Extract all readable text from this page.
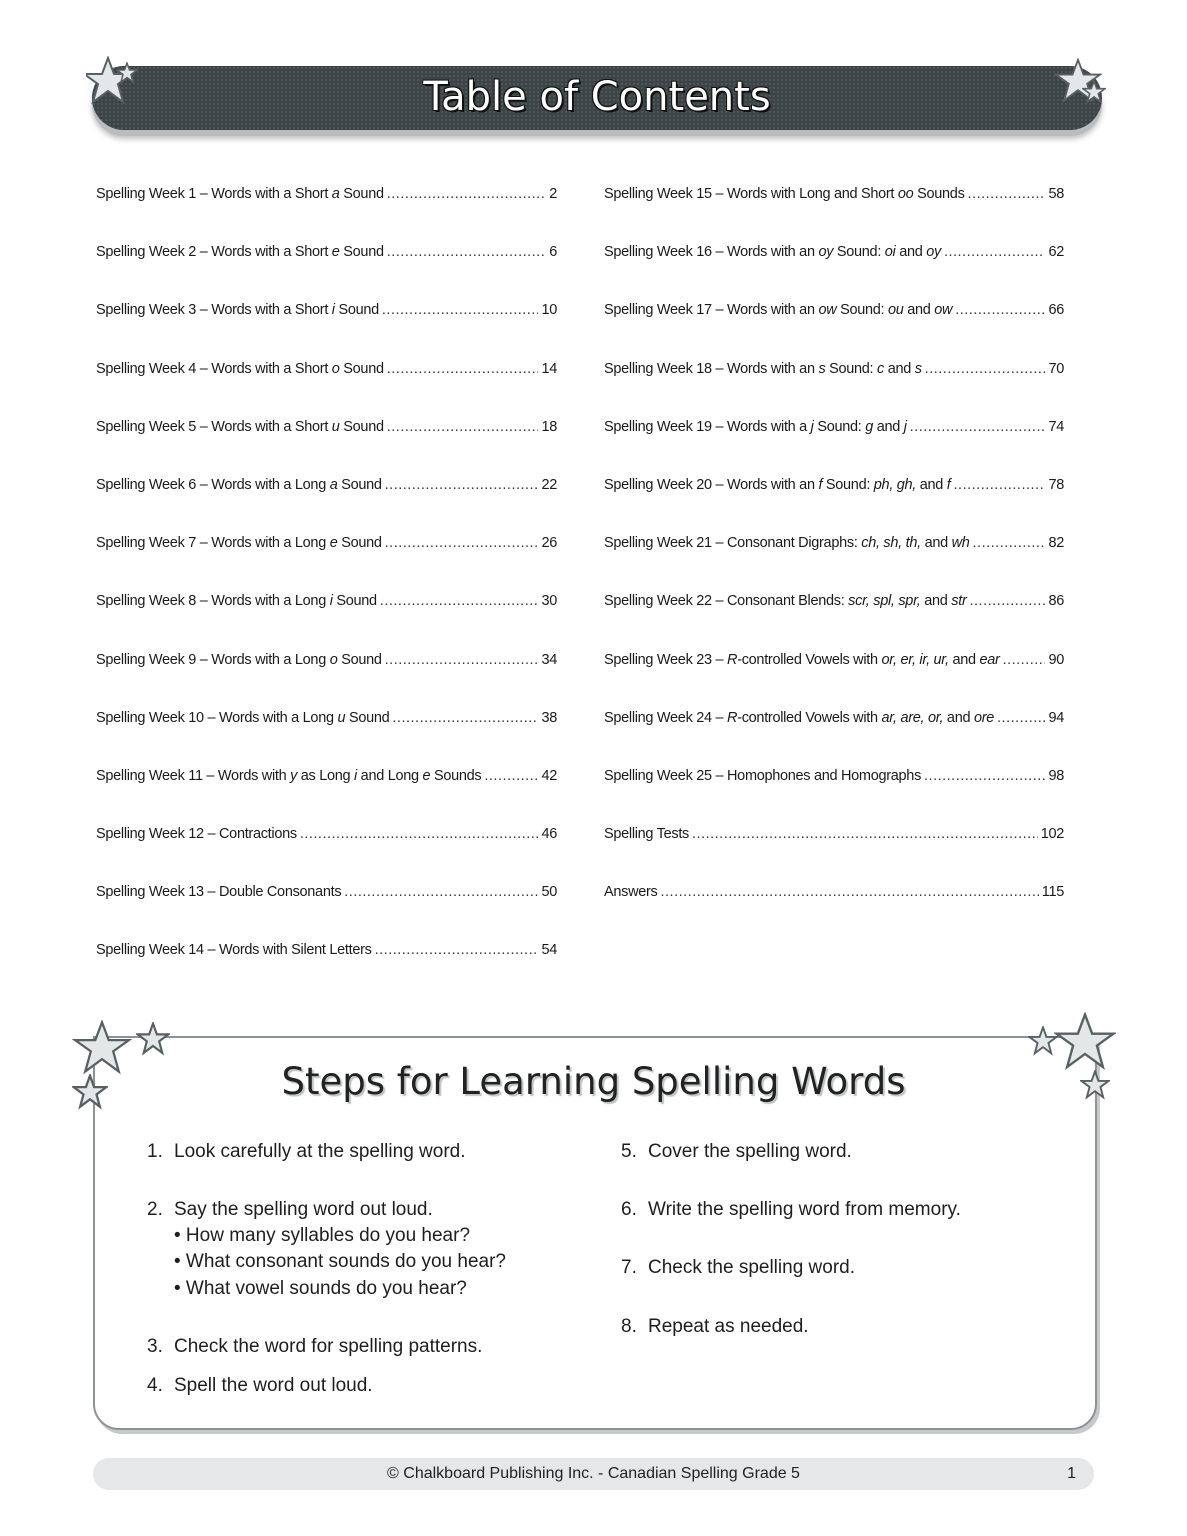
Table of Contents
Spelling Week 1 – Words with a Short a Sound .....	2
Spelling Week 2 – Words with a Short e Sound .....	6
Spelling Week 3 – Words with a Short i Sound .....	10
Spelling Week 4 – Words with a Short o Sound .....	14
Spelling Week 5 – Words with a Short u Sound .....	18
Spelling Week 6 – Words with a Long a Sound .....	22
Spelling Week 7 – Words with a Long e Sound .....	26
Spelling Week 8 – Words with a Long i Sound .....	30
Spelling Week 9 – Words with a Long o Sound .....	34
Spelling Week 10 – Words with a Long u Sound .....	38
Spelling Week 11 – Words with y as Long i and Long e Sounds .....	42
Spelling Week 12 – Contractions .....	46
Spelling Week 13 – Double Consonants .....	50
Spelling Week 14 – Words with Silent Letters .....	54
Spelling Week 15 – Words with Long and Short oo Sounds .....	58
Spelling Week 16 – Words with an oy Sound: oi and oy .....	62
Spelling Week 17 – Words with an ow Sound: ou and ow .....	66
Spelling Week 18 – Words with an s Sound: c and s .....	70
Spelling Week 19 – Words with a j Sound: g and j .....	74
Spelling Week 20 – Words with an f Sound: ph, gh, and f .....	78
Spelling Week 21 – Consonant Digraphs: ch, sh, th, and wh .....	82
Spelling Week 22 – Consonant Blends: scr, spl, spr, and str .....	86
Spelling Week 23 – R-controlled Vowels with or, er, ir, ur, and ear .....	90
Spelling Week 24 – R-controlled Vowels with ar, are, or, and ore .....	94
Spelling Week 25 – Homophones and Homographs .....	98
Spelling Tests .....	102
Answers .....	115
Steps for Learning Spelling Words
1. Look carefully at the spelling word.
2. Say the spelling word out loud.
• How many syllables do you hear?
• What consonant sounds do you hear?
• What vowel sounds do you hear?
3. Check the word for spelling patterns.
4. Spell the word out loud.
5. Cover the spelling word.
6. Write the spelling word from memory.
7. Check the spelling word.
8. Repeat as needed.
© Chalkboard Publishing Inc. - Canadian Spelling Grade 5	1
